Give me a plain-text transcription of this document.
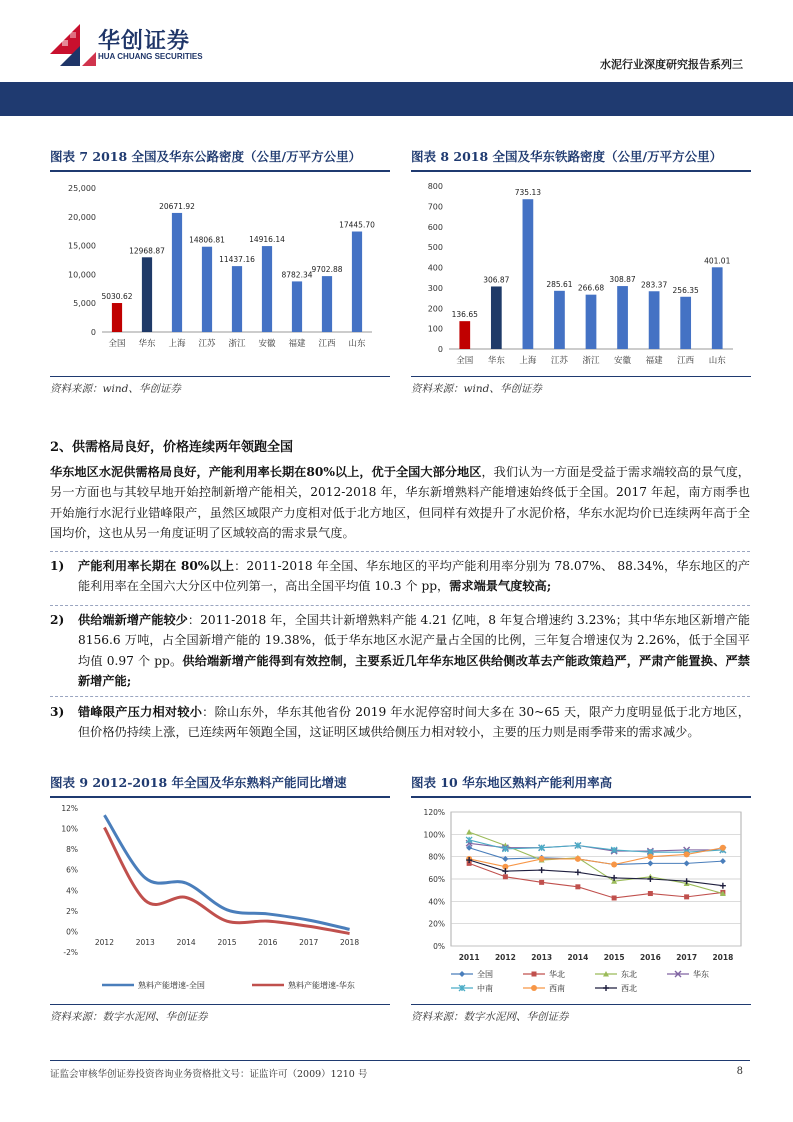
华创证券
HUA CHUANG SECURITIES
水泥行业深度研究报告系列三
图表 7 2018 全国及华东公路密度（公里/万平方公里）
0
5,000
10,000
15,000
20,000
25,000
5030.62
全国
12968.87
华东
20671.92
上海
14806.81
江苏
11437.16
浙江
14916.14
安徽
8782.34
福建
9702.88
江西
17445.70
山东
资料来源：wind、华创证券
图表 8 2018 全国及华东铁路密度（公里/万平方公里）
0
100
200
300
400
500
600
700
800
136.65
全国
306.87
华东
735.13
上海
285.61
江苏
266.68
浙江
308.87
安徽
283.37
福建
256.35
江西
401.01
山东
资料来源：wind、华创证券
2、供需格局良好，价格连续两年领跑全国

华东地区水泥供需格局良好，产能利用率长期在80%以上，优于全国大部分地区，我们认为一方面是受益于需求端较高的景气度，另一方面也与其较早地开始控制新增产能相关，2012-2018 年，华东新增熟料产能增速始终低于全国。2017 年起，南方雨季也开始施行水泥行业错峰限产，虽然区域限产力度相对低于北方地区，但同样有效提升了水泥价格，华东水泥均价已连续两年高于全国均价，这也从另一角度证明了区域较高的需求景气度。

1) 产能利用率长期在 80%以上：2011-2018 年全国、华东地区的平均产能利用率分别为 78.07%、 88.34%，华东地区的产能利用率在全国六大分区中位列第一，高出全国平均值 10.3 个 pp，需求端景气度较高;
2) 供给端新增产能较少：2011-2018 年，全国共计新增熟料产能 4.21 亿吨，8 年复合增速约 3.23%；其中华东地区新增产能 8156.6 万吨，占全国新增产能的 19.38%，低于华东地区水泥产量占全国的比例，三年复合增速仅为 2.26%，低于全国平均值 0.97 个 pp。供给端新增产能得到有效控制，主要系近几年华东地区供给侧改革去产能政策趋严，严肃产能置换、严禁新增产能;
3) 错峰限产压力相对较小：除山东外，华东其他省份 2019 年水泥停窑时间大多在 30~65 天，限产力度明显低于北方地区，但价格仍持续上涨，已连续两年领跑全国，这证明区域供给侧压力相对较小，主要的压力则是雨季带来的需求减少。
图表 9 2012-2018 年全国及华东熟料产能同比增速
-2%
0%
2%
4%
6%
8%
10%
12%
2012	2013	2014	2015	2016	2017	2018
熟料产能增速-全国	熟料产能增速-华东
资料来源：数字水泥网、华创证券
图表 10 华东地区熟料产能利用率高
0%
20%
40%
60%
80%
100%
120%
2011 2012 2013 2014 2015 2016 2017 2018
全国	华北	东北	华东
中南	西南	西北
资料来源：数字水泥网、华创证券
证监会审核华创证券投资咨询业务资格批文号：证监许可（2009）1210 号	8
